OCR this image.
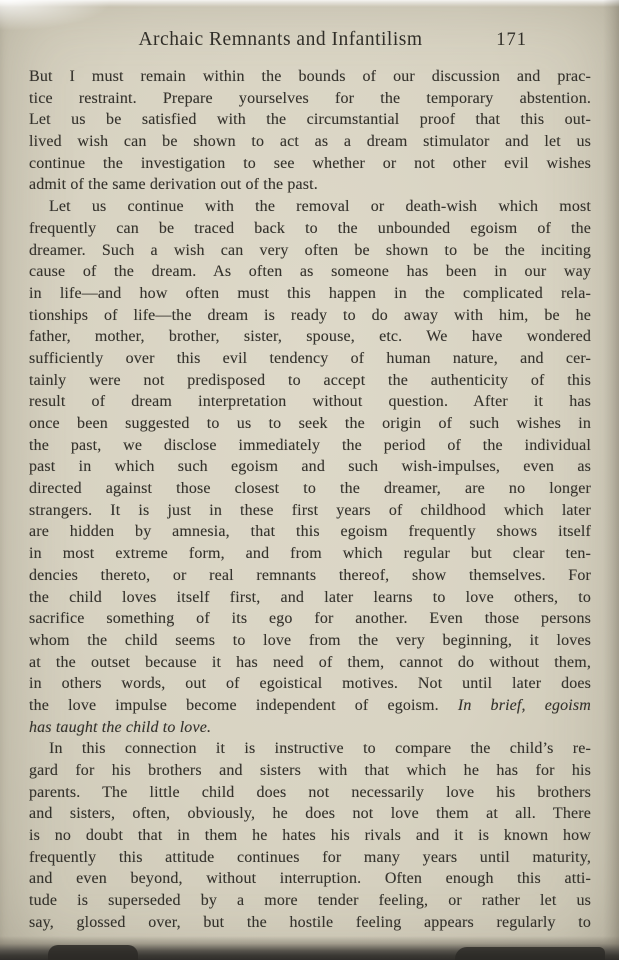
Archaic Remnants and Infantilism	171
But I must remain within the bounds of our discussion and prac-
tice restraint. Prepare yourselves for the temporary abstention.
Let us be satisfied with the circumstantial proof that this out-
lived wish can be shown to act as a dream stimulator and let us
continue the investigation to see whether or not other evil wishes
admit of the same derivation out of the past.
Let us continue with the removal or death-wish which most
frequently can be traced back to the unbounded egoism of the
dreamer. Such a wish can very often be shown to be the inciting
cause of the dream. As often as someone has been in our way
in life—and how often must this happen in the complicated rela-
tionships of life—the dream is ready to do away with him, be he
father, mother, brother, sister, spouse, etc. We have wondered
sufficiently over this evil tendency of human nature, and cer-
tainly were not predisposed to accept the authenticity of this
result of dream interpretation without question. After it has
once been suggested to us to seek the origin of such wishes in
the past, we disclose immediately the period of the individual
past in which such egoism and such wish-impulses, even as
directed against those closest to the dreamer, are no longer
strangers. It is just in these first years of childhood which later
are hidden by amnesia, that this egoism frequently shows itself
in most extreme form, and from which regular but clear ten-
dencies thereto, or real remnants thereof, show themselves. For
the child loves itself first, and later learns to love others, to
sacrifice something of its ego for another. Even those persons
whom the child seems to love from the very beginning, it loves
at the outset because it has need of them, cannot do without them,
in others words, out of egoistical motives. Not until later does
the love impulse become independent of egoism. In brief, egoism
has taught the child to love.
In this connection it is instructive to compare the child’s re-
gard for his brothers and sisters with that which he has for his
parents. The little child does not necessarily love his brothers
and sisters, often, obviously, he does not love them at all. There
is no doubt that in them he hates his rivals and it is known how
frequently this attitude continues for many years until maturity,
and even beyond, without interruption. Often enough this atti-
tude is superseded by a more tender feeling, or rather let us
say, glossed over, but the hostile feeling appears regularly to
